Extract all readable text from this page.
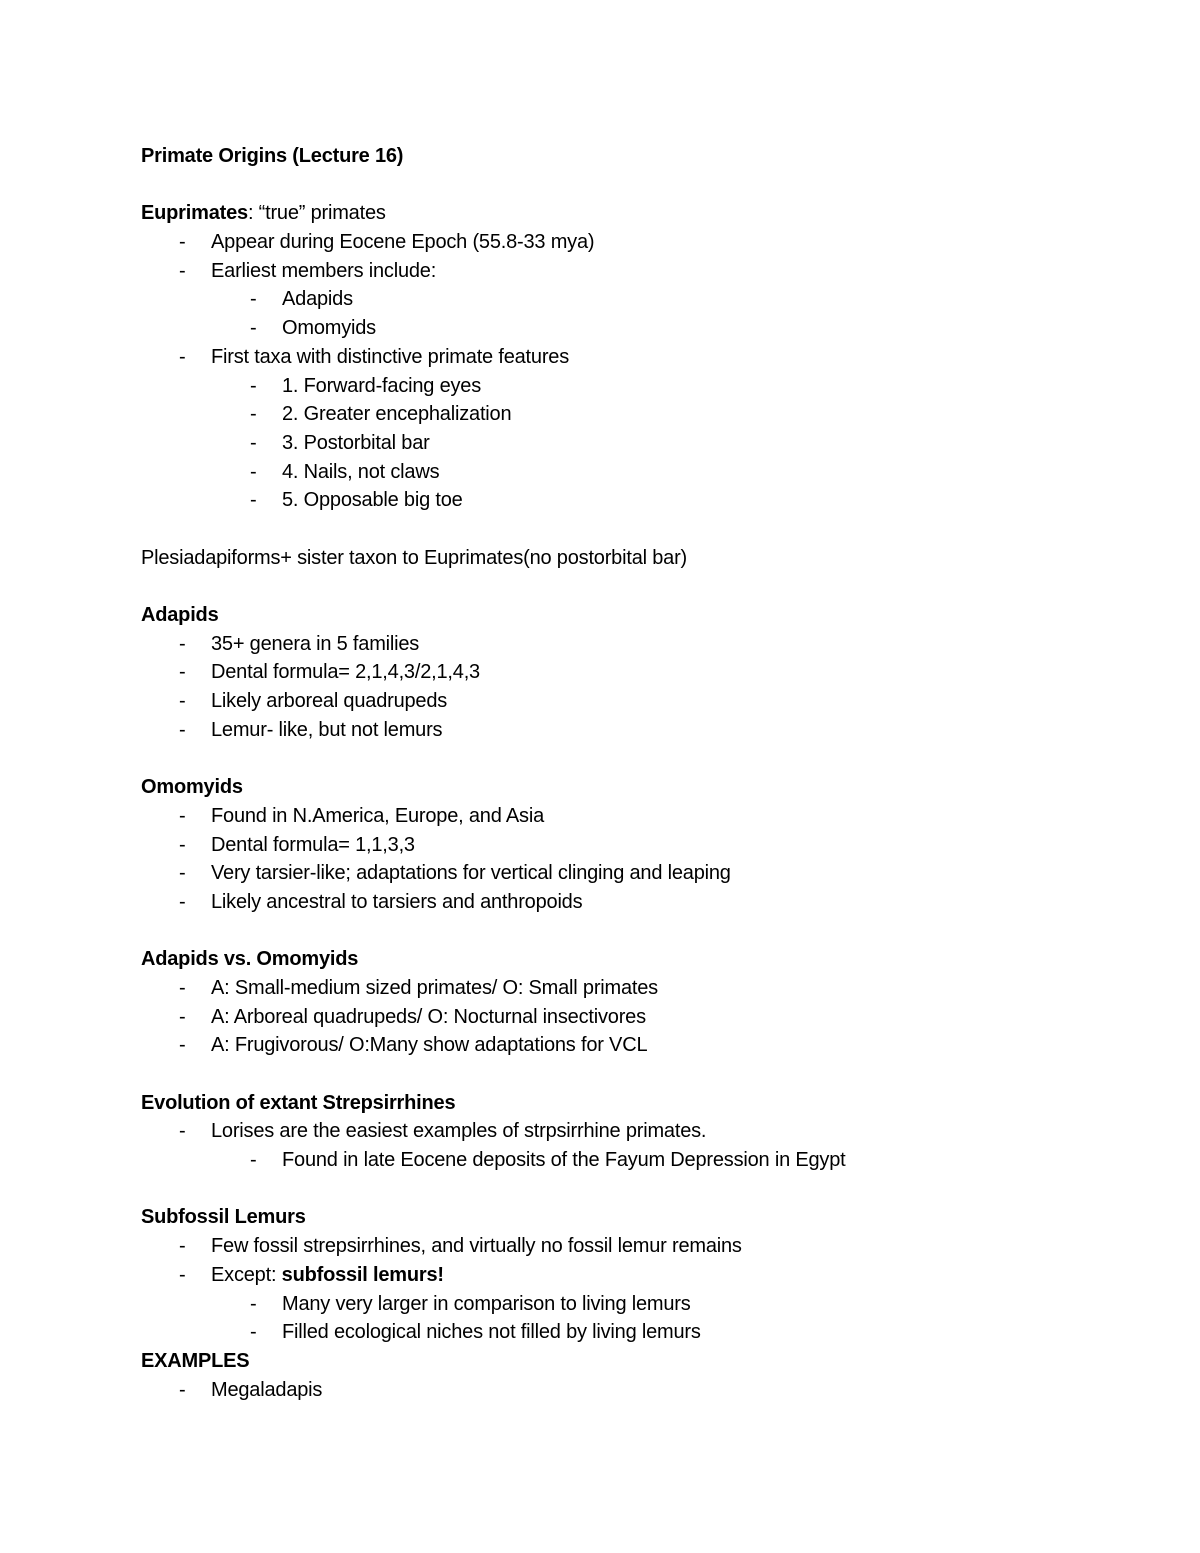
Primate Origins (Lecture 16)
Euprimates: “true” primates
-	Appear during Eocene Epoch (55.8-33 mya)
-	Earliest members include:
-	Adapids
-	Omomyids
-	First taxa with distinctive primate features
-	1. Forward-facing eyes
-	2. Greater encephalization
-	3. Postorbital bar
-	4. Nails, not claws
-	5. Opposable big toe
Plesiadapiforms+ sister taxon to Euprimates(no postorbital bar)
Adapids
-	35+ genera in 5 families
-	Dental formula= 2,1,4,3/2,1,4,3
-	Likely arboreal quadrupeds
-	Lemur- like, but not lemurs
Omomyids
-	Found in N.America, Europe, and Asia
-	Dental formula= 1,1,3,3
-	Very tarsier-like; adaptations for vertical clinging and leaping
-	Likely ancestral to tarsiers and anthropoids
Adapids vs. Omomyids
-	A: Small-medium sized primates/ O: Small primates
-	A: Arboreal quadrupeds/ O: Nocturnal insectivores
-	A: Frugivorous/ O:Many show adaptations for VCL
Evolution of extant Strepsirrhines
-	Lorises are the easiest examples of strpsirrhine primates.
-	Found in late Eocene deposits of the Fayum Depression in Egypt
Subfossil Lemurs
-	Few fossil strepsirrhines, and virtually no fossil lemur remains
-	Except: subfossil lemurs!
-	Many very larger in comparison to living lemurs
-	Filled ecological niches not filled by living lemurs
EXAMPLES
-	Megaladapis
